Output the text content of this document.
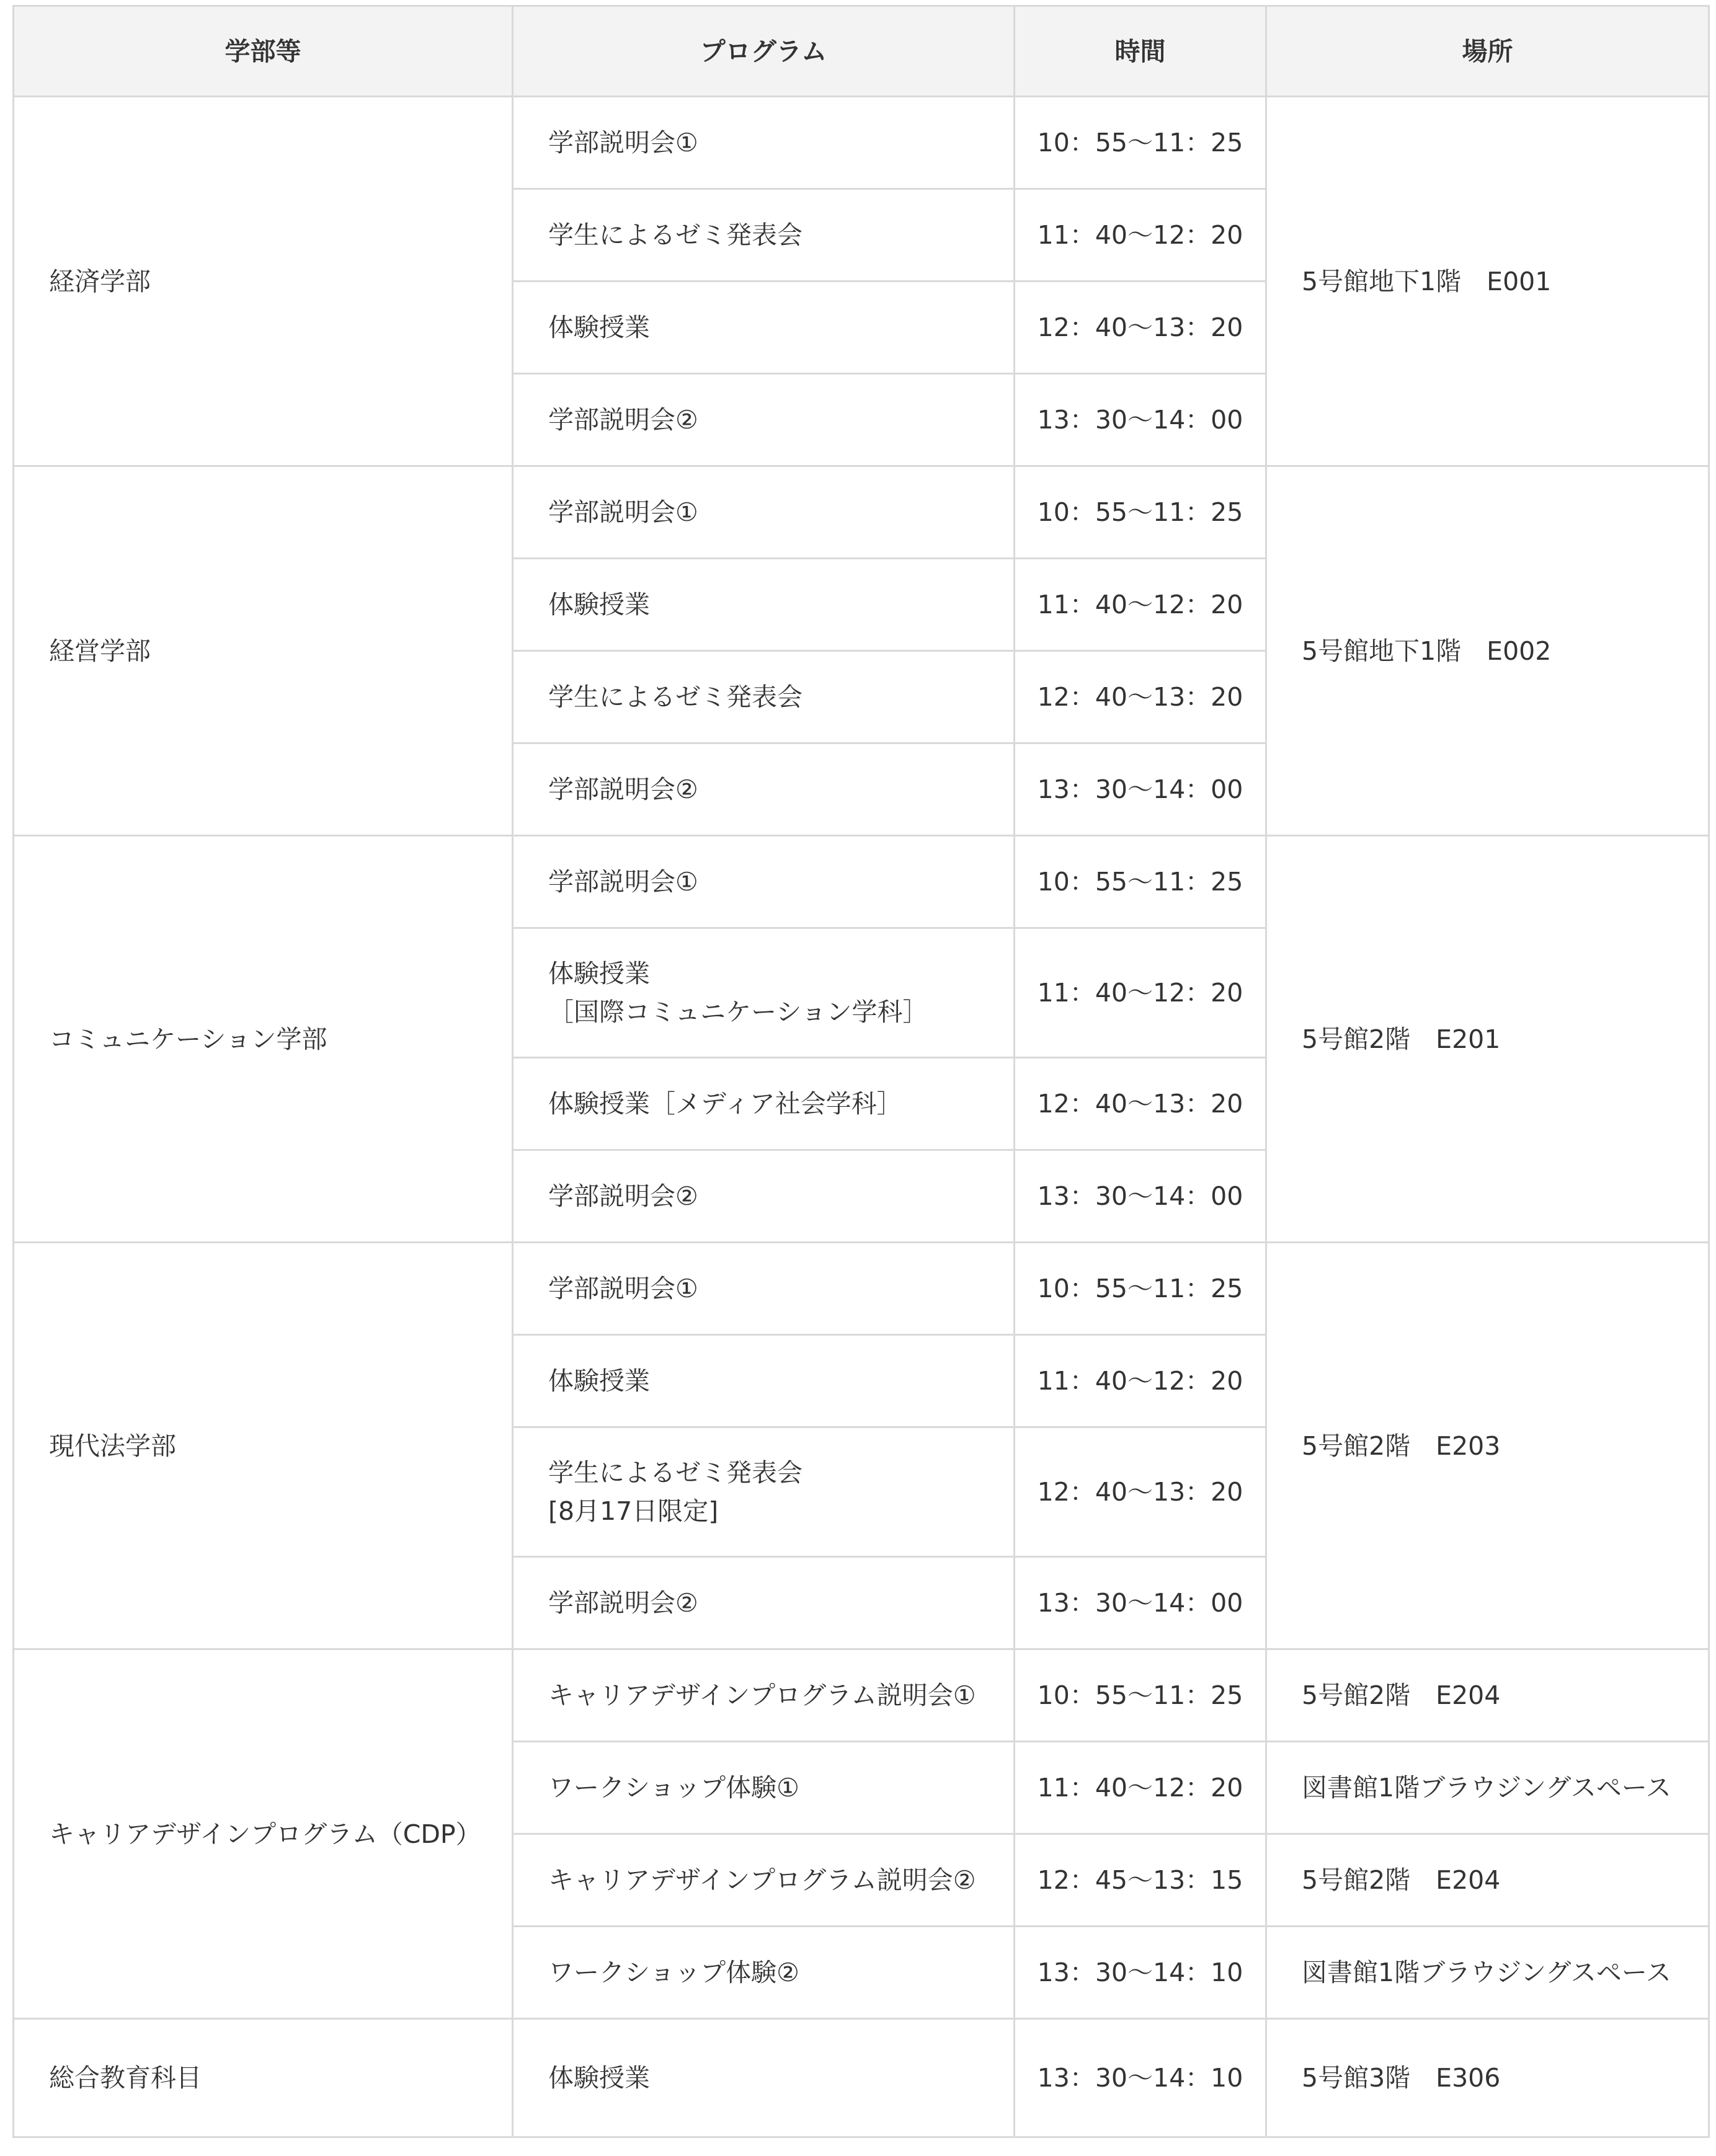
学部等	プログラム	時間	場所
経済学部	学部説明会①	10：55〜11：25	5号館地下1階　E001

	学生によるゼミ発表会	11：40〜12：20	

	体験授業	12：40〜13：20	

	学部説明会②	13：30〜14：00	
経営学部	学部説明会①	10：55〜11：25	5号館地下1階　E002

	体験授業	11：40〜12：20	

	学生によるゼミ発表会	12：40〜13：20	

	学部説明会②	13：30〜14：00	
コミュニケーション学部	学部説明会①	10：55〜11：25	5号館2階　E201

	体験授業
［国際コミュニケーション学科］	11：40〜12：20	

	体験授業［メディア社会学科］	12：40〜13：20	

	学部説明会②	13：30〜14：00	
現代法学部	学部説明会①	10：55〜11：25	5号館2階　E203

	体験授業	11：40〜12：20	

	学生によるゼミ発表会
[8月17日限定]	12：40〜13：20	

	学部説明会②	13：30〜14：00	
キャリアデザインプログラム（CDP）	キャリアデザインプログラム説明会①	10：55〜11：25	5号館2階　E204

	ワークショップ体験①	11：40〜12：20	図書館1階ブラウジングスペース

	キャリアデザインプログラム説明会②	12：45〜13：15	5号館2階　E204

	ワークショップ体験②	13：30〜14：10	図書館1階ブラウジングスペース
総合教育科目	体験授業	13：30〜14：10	5号館3階　E306
